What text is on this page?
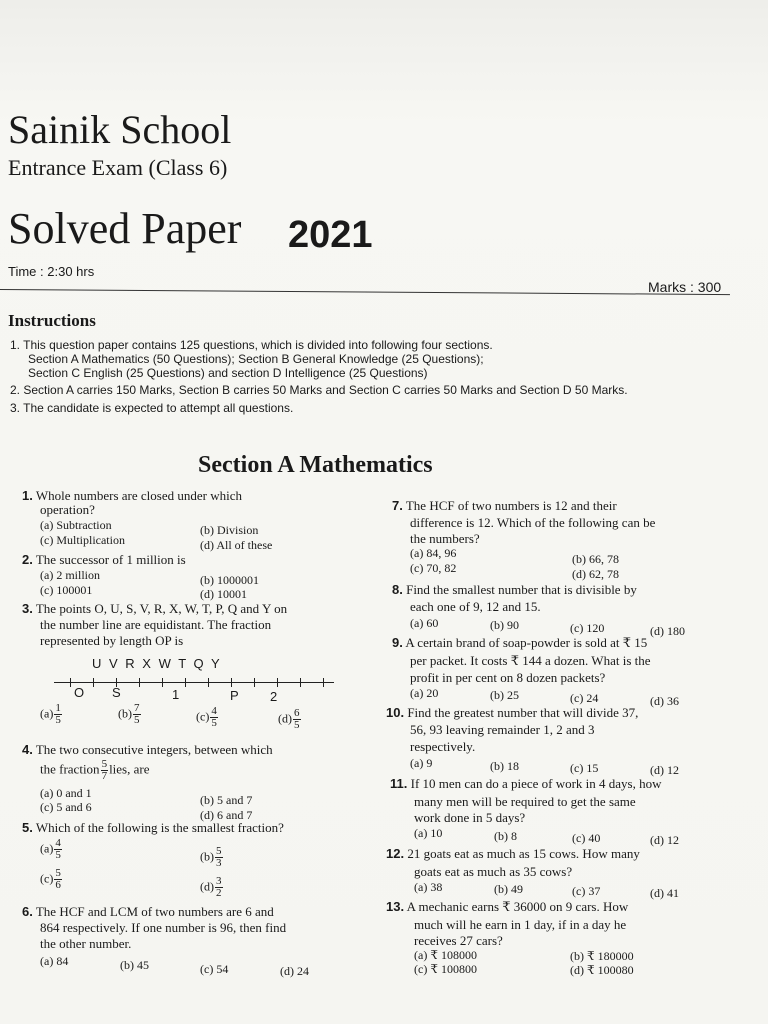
Sainik School
Entrance Exam (Class 6)
Solved Paper 2021
Time : 2:30 hrs
Marks : 300
Instructions
1. This question paper contains 125 questions, which is divided into following four sections.
Section A Mathematics (50 Questions); Section B General Knowledge (25 Questions);
Section C English (25 Questions) and section D Intelligence (25 Questions)
2. Section A carries 150 Marks, Section B carries 50 Marks and Section C carries 50 Marks and Section D 50 Marks.
3. The candidate is expected to attempt all questions.
Section A Mathematics
1. Whole numbers are closed under which
operation?
(a) Subtraction	(b) Division
(c) Multiplication	(d) All of these
2. The successor of 1 million is
(a) 2 million	(b) 1000001
(c) 100001	(d) 10001
3. The points O, U, S, V, R, X, W, T, P, Q and Y on
the number line are equidistant. The fraction
represented by length OP is
U V R X W T Q Y
O S	1	P 2
$(a) \frac{1}{5}$	$(b) \frac{7}{5}$	$(c) \frac{4}{5}$	$(d) \frac{6}{5}$
4. The two consecutive integers, between which
the fraction $\frac{5}{7}$ lies, are
(a) 0 and 1	(b) 5 and 7
(c) 5 and 6
(d) 6 and 7
5. Which of the following is the smallest fraction?
$(a) \frac{4}{5}$	$(b) \frac{5}{3}$
$(c) \frac{5}{6}$	$(d) \frac{3}{2}$
6. The HCF and LCM of two numbers are 6 and
864 respectively. If one number is 96, then find
the other number.
(a) 84	(b) 45	(c) 54	(d) 24
7. The HCF of two numbers is 12 and their
difference is 12. Which of the following can be
the numbers?
(a) 84, 96	(b) 66, 78
(c) 70, 82	(d) 62, 78
8. Find the smallest number that is divisible by
each one of 9, 12 and 15.
(a) 60	(b) 90	(c) 120	(d) 180
9. A certain brand of soap-powder is sold at ₹ 15
per packet. It costs ₹ 144 a dozen. What is the
profit in per cent on 8 dozen packets?
(a) 20	(b) 25	(c) 24	(d) 36
10. Find the greatest number that will divide 37,
56, 93 leaving remainder 1, 2 and 3
respectively.
(a) 9	(b) 18	(c) 15	(d) 12
11. If 10 men can do a piece of work in 4 days, how
many men will be required to get the same
work done in 5 days?
(a) 10	(b) 8	(c) 40	(d) 12
12. 21 goats eat as much as 15 cows. How many
goats eat as much as 35 cows?
(a) 38	(b) 49	(c) 37	(d) 41
13. A mechanic earns ₹ 36000 on 9 cars. How
much will he earn in 1 day, if in a day he
receives 27 cars?
(a) ₹ 108000	(b) ₹ 180000
(c) ₹ 100800	(d) ₹ 100080
